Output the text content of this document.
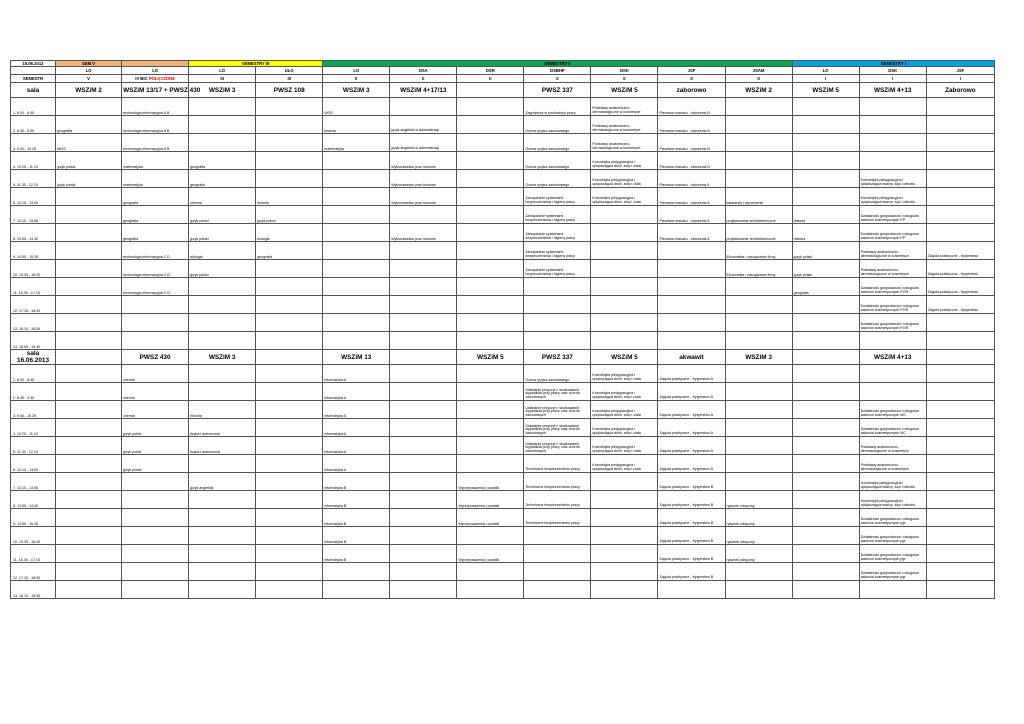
15.06.2013	SEM V		SEMESTRY III		SEMESTRY II							SEMESTRY I		
	LO	LO	LO	ULO	LO	DSA	DSR	DSBHP	DSK	JSF	JSAM	LO	DSK	JSF
SEMESTR	V	IV BIC POŁĄCZONE	III	III	II	II	II	II	II	II	II	I	I	I
sala	WSZiM 2	WSZiM 13/17 + PWSZ 430	WSZiM 3	PWSZ 108	WSZiM 3	WSZiM 4+17/13		PWSZ 337	WSZiM 5	zaborowo	WSZiM 2	WSZiM 5	WSZiM 4+13	Zaborowo
1. 8.00 - 8.45		technologia informacyjna A B			WOS			Zagrożenia w środowisku pracy	Podstawy anatomiczno-dermatologiczne w kosmetyce	Pierwsza masażu - ćwiczenia B				
2. 8.45 - 9.30	geografia	technologia informacyjna A B			historia	język angielski w administracji		Ocena ryzyka zawodowego	Podstawy anatomiczno-dermatologiczne w kosmetyce	Pierwsza masażu - ćwiczenia B				
3. 9.40 - 10.25	WOS	technologia informacyjna A B			matematyka	język angielski w administracji		Ocena ryzyka zawodowego	Podstawy anatomiczno-dermatologiczne w kosmetyce	Pierwsza masażu - ćwiczenia B				
4. 10.25 - 11.10	język polski	matematyka	geografia			Wykonawstwo prac biurowe		Ocena ryzyka zawodowego	Kosmetyka pielęgnacyjna i upiększająca dłoni, stóp i ciała	Pierwsza masażu - ćwiczenia B				
5. 11.30 - 12.15	język polski	matematyka	geografia			Wykonawstwo prac biurowe		Ocena ryzyka zawodowego	Kosmetyka pielęgnacyjna i upiększająca dłoni, stóp i ciała	Pierwsza masażu - ćwiczenia A			Kosmetyka pielęgnacyjna i upiększająca twarzy, szyi i dekoltu	
6. 12.15 - 13.00		geografia	chemia	historia		Wykonawstwo prac biurowe		Zarządzanie systemami bezpieczeństwa i higieny pracy	Kosmetyka pielęgnacyjna i upiększająca dłoni, stóp i ciała	Pierwsza masażu - ćwiczenia A	katastrofy i wyzwolenie		Kosmetyka pielęgnacyjna i upiększająca twarzy, szyi i dekoltu	
7. 13.10 - 13.55		geografia	język polski	język polski				Zarządzanie systemami bezpieczeństwa i higieny pracy		Pierwsza masażu - ćwiczenia A	projektowanie architektoniczne	historia	Działalność gospodarcza i usługowa salonów kosmetycznych PP	
8. 13.55 - 14.40		geografia	język polski	biologia		Wykonawstwo prac biurowe		Zarządzanie systemami bezpieczeństwa i higieny pracy		Pierwsza masażu - ćwiczenia A	projektowanie architektoniczne	historia	Działalność gospodarcza i usługowa salonów kosmetycznych PP	
9. 14.50 - 15.35		technologia informacyjna C D	biologia	geografia				Zarządzanie systemami bezpieczeństwa i higieny pracy			Ekonomika i zarządzanie firmą	język polski	Podstawy anatomiczno-dermatologiczne w kosmetyce	Zajęcia praktyczne - fryzjerstwo
10. 15.35 - 16.20		technologia informacyjna C D	język polski					Zarządzanie systemami bezpieczeństwa i higieny pracy			Ekonomika i zarządzanie firmą	język polski	Podstawy anatomiczno-dermatologiczne w kosmetyce	Zajęcia praktyczne - fryzjerstwo
11. 16.30 - 17.15		technologia informacyjna C D										geografia	Działalność gospodarcza i usługowa salonów kosmetycznych PGR	Zajęcia praktyczne - fryzjerstwo
12. 17.15 - 18.00													Działalność gospodarcza i usługowa salonów kosmetycznych PGR	Zajęcia praktyczne - fryzjerstwo
13. 18.10 - 18.55													Działalność gospodarcza i usługowa salonów kosmetycznych PGR	
14. 18.55 - 19.40														
sala
16.06.2013		PWSZ 430	WSZiM 3		WSZiM 13		WSZiM 5	PWSZ 337	WSZiM 5	akwawit	WSZiM 3		WSZiM 4+13	
1. 8.00 - 8.45		chemia			informatyka A			Ocena ryzyka zawodowego	Kosmetyka pielęgnacyjna i upiększająca dłoni, stóp i ciała	Zajęcia praktyczne - fryzjerstwo A				
2. 8.45 - 9.30		chemia			informatyka A			Układanie przyczyn i skutkowanie wypadków przy pracy oraz chorób zawodowych	Kosmetyka pielęgnacyjna i upiększająca dłoni, stóp i ciała	Zajęcia praktyczne - fryzjerstwo A				
3. 9.40 - 10.25		chemia	historia		informatyka A			Układanie przyczyn i skutkowanie wypadków przy pracy oraz chorób zawodowych	Kosmetyka pielęgnacyjna i upiększająca dłoni, stóp i ciała	Zajęcia praktyczne - fryzjerstwo A			Działalność gospodarcza i usługowa salonów kosmetycznych MC	
4. 10.25 - 11.10		język polski	fizyka i astronomia		informatyka A			Układanie przyczyn i skutkowanie wypadków przy pracy oraz chorób zawodowych	Kosmetyka pielęgnacyjna i upiększająca dłoni, stóp i ciała	Zajęcia praktyczne - fryzjerstwo A			Działalność gospodarcza i usługowa salonów kosmetycznych MC	
5. 11.30 - 12.15		język polski	fizyka i astronomia		informatyka A			Układanie przyczyn i skutkowanie wypadków przy pracy oraz chorób zawodowych	Kosmetyka pielęgnacyjna i upiększająca dłoni, stóp i ciała	Zajęcia praktyczne - fryzjerstwo A			Podstawy anatomiczno-dermatologiczne w kosmetyce	
6. 12.15 - 13.00		język polski			informatyka A			Techniczne bezpieczeństwo pracy	Kosmetyka pielęgnacyjna i upiększająca dłoni, stóp i ciała	Zajęcia praktyczne - fryzjerstwo A			Podstawy anatomiczno-dermatologiczne w kosmetyce	
7. 13.10 - 13.55			język angielski		informatyka B		Wyrzeposażenia i podatki	Techniczne bezpieczeństwo pracy		Zajęcia praktyczne - fryzjerstwo B			Kosmetyka pielęgnacyjna i upiększająca twarzy, szyi i dekoltu	
8. 13.55 - 14.40					informatyka B		Wyrzeposażenia i podatki	Techniczne bezpieczeństwo pracy		Zajęcia praktyczne - fryzjerstwo B	rysunek odręczny		Kosmetyka pielęgnacyjna i upiększająca twarzy, szyi i dekoltu	
9. 14.50 - 15.35					informatyka B		Wyrzeposażenia i podatki	Techniczne bezpieczeństwo pracy		Zajęcia praktyczne - fryzjerstwo B	rysunek odręczny		Działalność gospodarcza i usługowa salonów kosmetycznych pgr	
10. 15.35 - 16.20					informatyka B					Zajęcia praktyczne - fryzjerstwo B	rysunek odręczny		Działalność gospodarcza i usługowa salonów kosmetycznych pgr	
11. 16.30 - 17.15					informatyka B		Wyrzeposażenia i podatki			Zajęcia praktyczne - fryzjerstwo B	rysunek odręczny		Działalność gospodarcza i usługowa salonów kosmetycznych pgr	
12. 17.15 - 18.00										Zajęcia praktyczne - fryzjerstwo B			Działalność gospodarcza i usługowa salonów kosmetycznych pgr	
13. 18.10 - 18.55														
